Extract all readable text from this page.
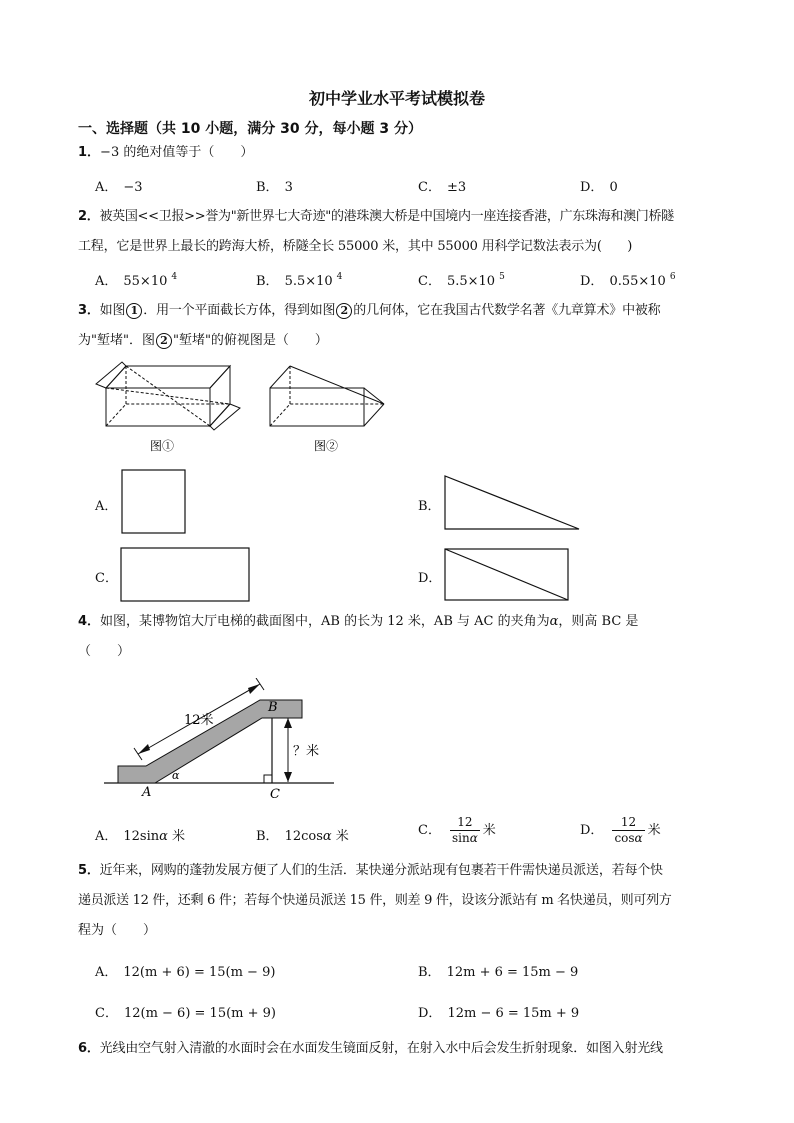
初中学业水平考试模拟卷
一、选择题（共 10 小题，满分 30 分，每小题 3 分）
1．−3 的绝对值等于（　　）
A． −3	B． 3	C． ±3	D． 0
2．被英国<<卫报>>誉为"新世界七大奇迹"的港珠澳大桥是中国境内一座连接香港，广东珠海和澳门桥隧
工程，它是世界上最长的跨海大桥，桥隧全长 55000 米，其中 55000 用科学记数法表示为(　　)
A． 55×10 $^4$	B． 5.5×10 $^4$	C． 5.5×10 $^5$	D． 0.55×10 $^6$
3．如图 1 ．用一个平面截长方体，得到如图 2 的几何体，它在我国古代数学名著《九章算术》中被称
为"堑堵"．图 2 "堑堵"的俯视图是（　　）
图①	图②
A．	B．
C．	D．
4．如图，某博物馆大厅电梯的截面图中，AB 的长为 12 米，AB 与 AC 的夹角为α，则高 BC 是
（　　）
12米
？米
B
A	C
α
A． 12sinα 米	B． 12cosα 米	C． $\frac{12}{\sin\alpha}$ 米	D． $\frac{12}{\cos\alpha}$ 米
5．近年来，网购的蓬勃发展方便了人们的生活．某快递分派站现有包裹若干件需快递员派送，若每个快
递员派送 12 件，还剩 6 件；若每个快递员派送 15 件，则差 9 件，设该分派站有 m 名快递员，则可列方
程为（　　）
A． 12(m + 6) = 15(m − 9)	B． 12m + 6 = 15m − 9
C． 12(m − 6) = 15(m + 9)	D． 12m − 6 = 15m + 9
6．光线由空气射入清澈的水面时会在水面发生镜面反射，在射入水中后会发生折射现象．如图入射光线
